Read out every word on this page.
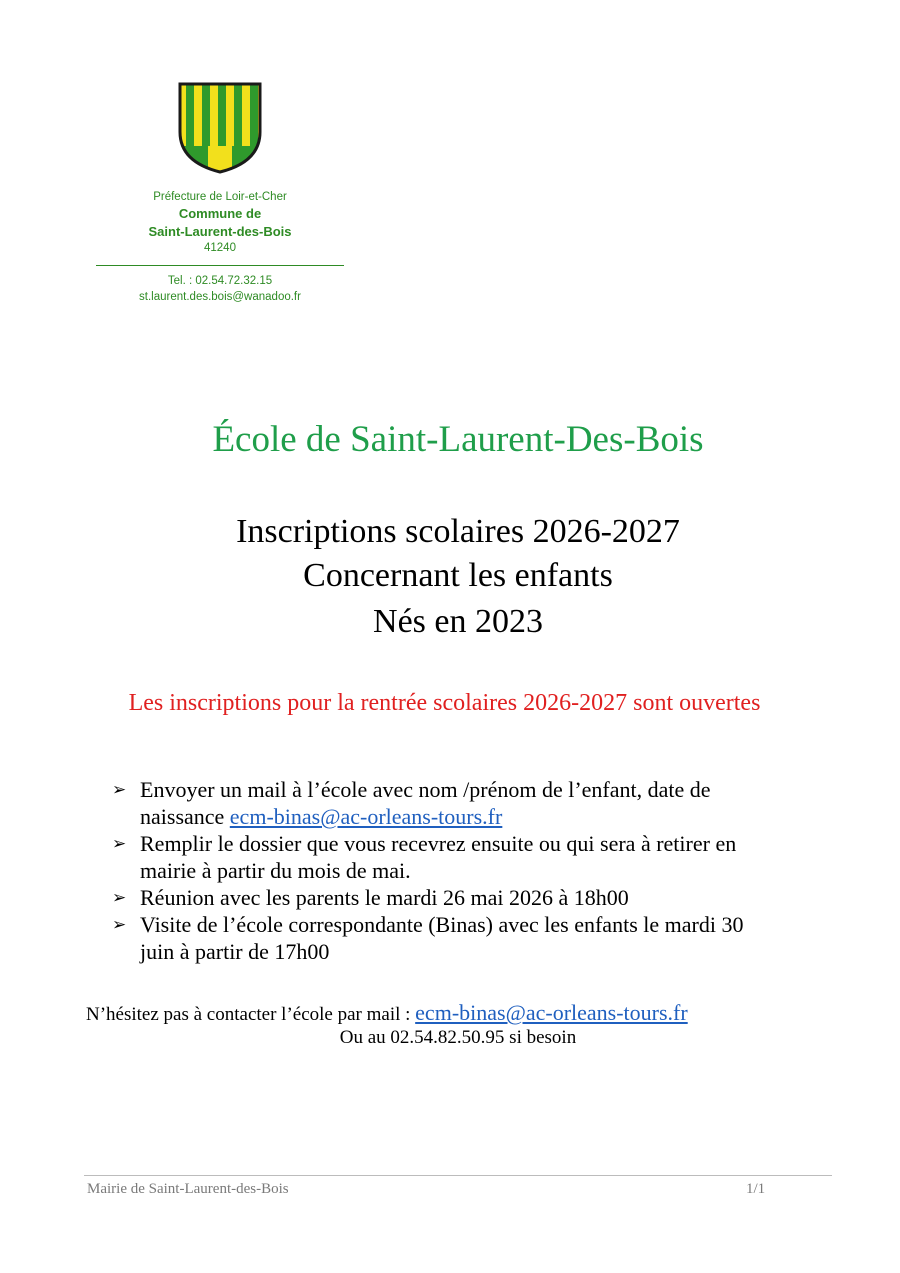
Préfecture de Loir-et-Cher
Commune de
Saint-Laurent-des-Bois
41240
Tel. : 02.54.72.32.15
st.laurent.des.bois@wanadoo.fr
École de Saint-Laurent-Des-Bois
Inscriptions scolaires 2026-2027
Concernant les enfants
Nés en 2023
Les inscriptions pour la rentrée scolaires 2026-2027 sont ouvertes
➢ Envoyer un mail à l’école avec nom /prénom de l’enfant, date de
naissance ecm-binas@ac-orleans-tours.fr
➢ Remplir le dossier que vous recevrez ensuite ou qui sera à retirer en
mairie à partir du mois de mai.
➢ Réunion avec les parents le mardi 26 mai 2026 à 18h00
➢ Visite de l’école correspondante (Binas) avec les enfants le mardi 30
juin à partir de 17h00
N’hésitez pas à contacter l’école par mail : ecm-binas@ac-orleans-tours.fr
Ou au 02.54.82.50.95 si besoin
Mairie de Saint-Laurent-des-Bois	1/1
